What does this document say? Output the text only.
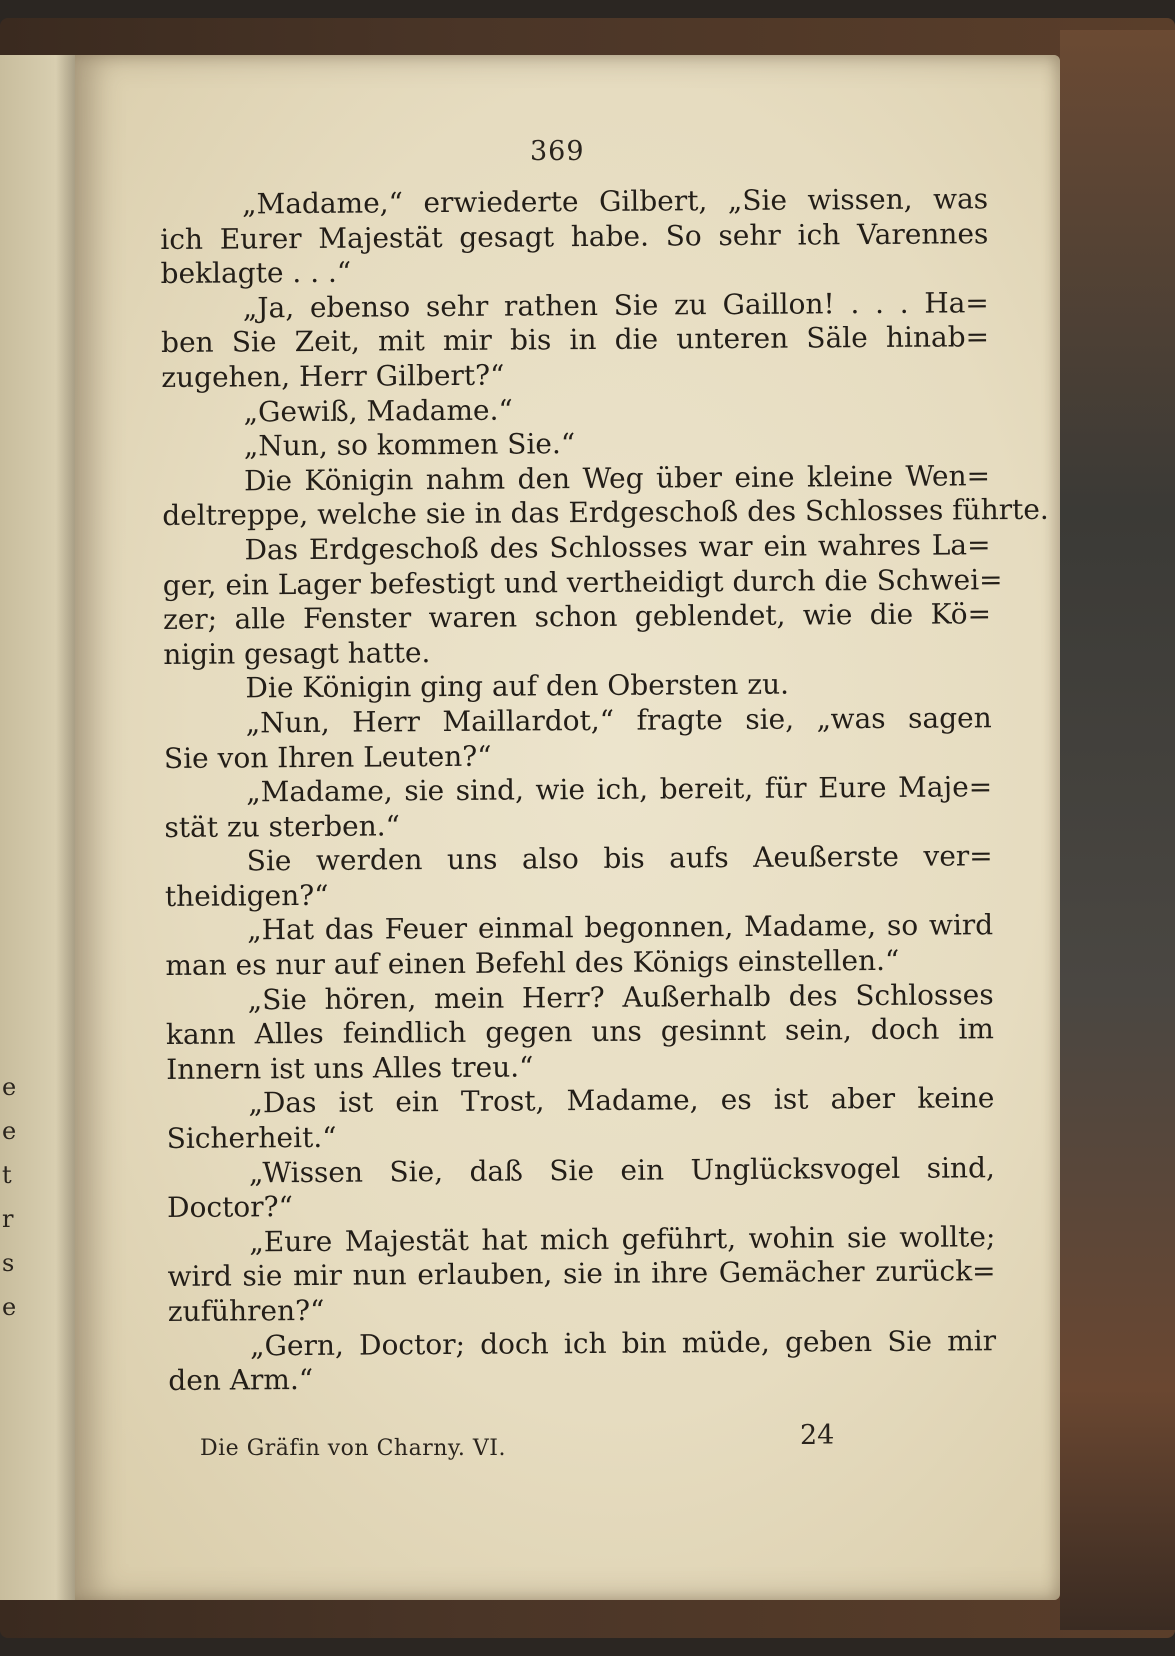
e
e
t
r
s
e
369
„Madame,“ erwiederte Gilbert, „Sie wissen, was
ich Eurer Majestät gesagt habe. So sehr ich Varennes
beklagte . . .“
„Ja, ebenso sehr rathen Sie zu Gaillon! . . . Ha=
ben Sie Zeit, mit mir bis in die unteren Säle hinab=
zugehen, Herr Gilbert?“
„Gewiß, Madame.“
„Nun, so kommen Sie.“
Die Königin nahm den Weg über eine kleine Wen=
deltreppe, welche sie in das Erdgeschoß des Schlosses führte.
Das Erdgeschoß des Schlosses war ein wahres La=
ger, ein Lager befestigt und vertheidigt durch die Schwei=
zer; alle Fenster waren schon geblendet, wie die Kö=
nigin gesagt hatte.
Die Königin ging auf den Obersten zu.
„Nun, Herr Maillardot,“ fragte sie, „was sagen
Sie von Ihren Leuten?“
„Madame, sie sind, wie ich, bereit, für Eure Maje=
stät zu sterben.“
Sie werden uns also bis aufs Aeußerste ver=
theidigen?“
„Hat das Feuer einmal begonnen, Madame, so wird
man es nur auf einen Befehl des Königs einstellen.“
„Sie hören, mein Herr? Außerhalb des Schlosses
kann Alles feindlich gegen uns gesinnt sein, doch im
Innern ist uns Alles treu.“
„Das ist ein Trost, Madame, es ist aber keine
Sicherheit.“
„Wissen Sie, daß Sie ein Unglücksvogel sind,
Doctor?“
„Eure Majestät hat mich geführt, wohin sie wollte;
wird sie mir nun erlauben, sie in ihre Gemächer zurück=
zuführen?“
„Gern, Doctor; doch ich bin müde, geben Sie mir
den Arm.“
Die Gräfin von Charny. VI.	24
